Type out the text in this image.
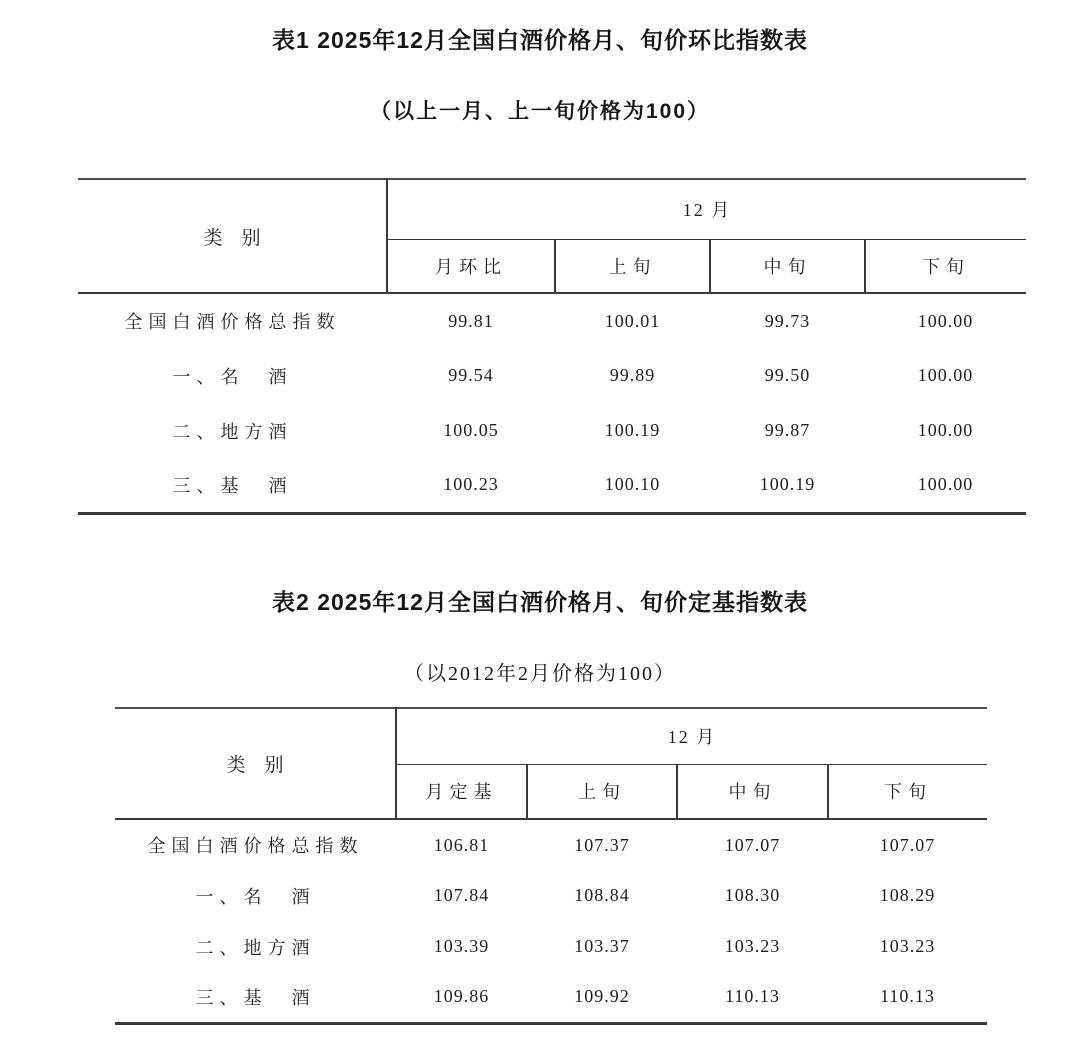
表1 2025年12月全国白酒价格月、旬价环比指数表
（以上一月、上一旬价格为100）
类　别	12 月			
	月环比	上旬	中旬	下旬
全国白酒价格总指数	99.81	100.01	99.73	100.00
一、名　酒	99.54	99.89	99.50	100.00
二、地方酒	100.05	100.19	99.87	100.00
三、基　酒	100.23	100.10	100.19	100.00
表2 2025年12月全国白酒价格月、旬价定基指数表
（以2012年2月价格为100）
类　别	12 月			
	月定基	上旬	中旬	下旬
全国白酒价格总指数	106.81	107.37	107.07	107.07
一、名　酒	107.84	108.84	108.30	108.29
二、地方酒	103.39	103.37	103.23	103.23
三、基　酒	109.86	109.92	110.13	110.13
